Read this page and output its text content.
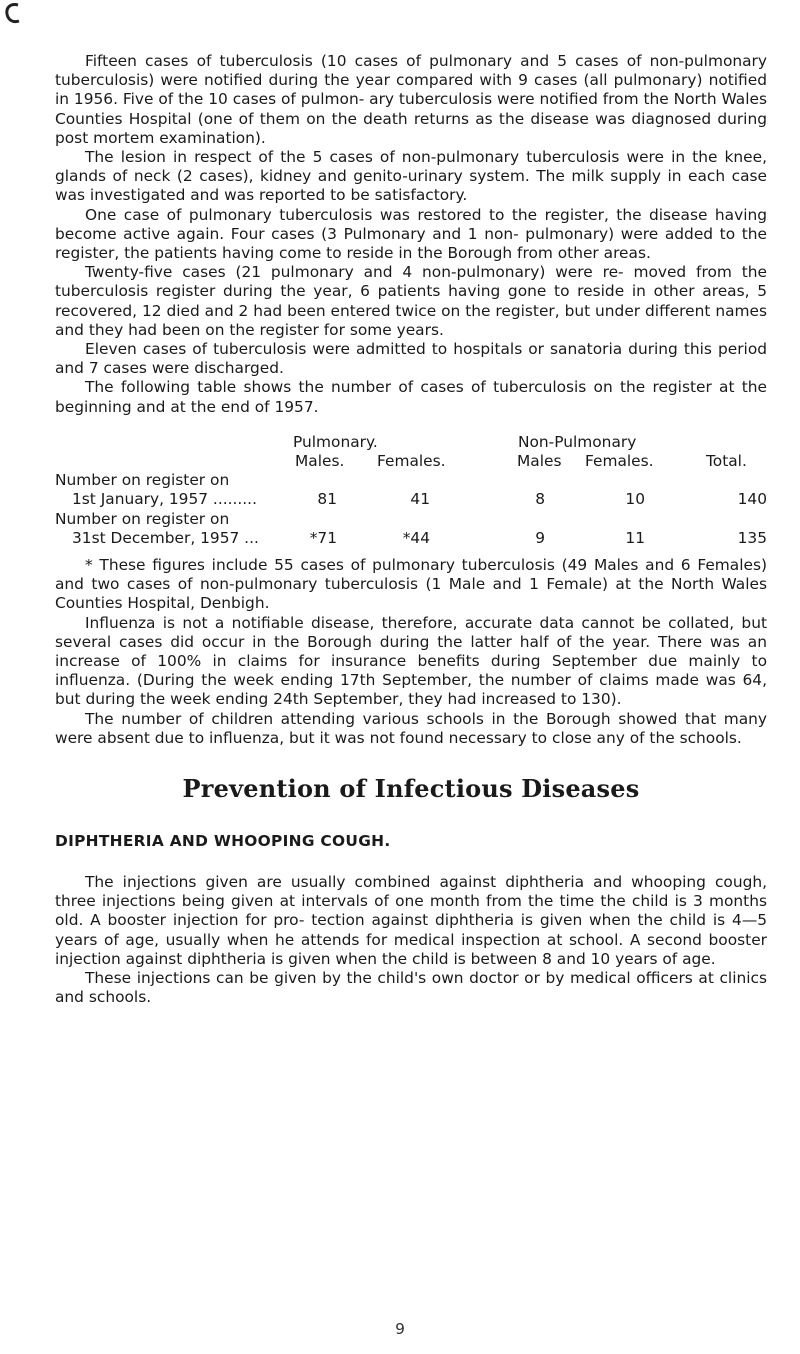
Fifteen cases of tuberculosis (10 cases of pulmonary and 5 cases of non-pulmonary tuberculosis) were notified during the year compared with 9 cases (all pulmonary) notified in 1956. Five of the 10 cases of pulmon- ary tuberculosis were notified from the North Wales Counties Hospital (one of them on the death returns as the disease was diagnosed during post mortem examination).

The lesion in respect of the 5 cases of non-pulmonary tuberculosis were in the knee, glands of neck (2 cases), kidney and genito-urinary system. The milk supply in each case was investigated and was reported to be satisfactory.

One case of pulmonary tuberculosis was restored to the register, the disease having become active again. Four cases (3 Pulmonary and 1 non- pulmonary) were added to the register, the patients having come to reside in the Borough from other areas.

Twenty-five cases (21 pulmonary and 4 non-pulmonary) were re- moved from the tuberculosis register during the year, 6 patients having gone to reside in other areas, 5 recovered, 12 died and 2 had been entered twice on the register, but under different names and they had been on the register for some years.

Eleven cases of tuberculosis were admitted to hospitals or sanatoria during this period and 7 cases were discharged.

The following table shows the number of cases of tuberculosis on the register at the beginning and at the end of 1957.

Pulmonary.	Non-Pulmonary
Males. Females.	Males Females.	Total.
Number on register on
1st January, 1957 .........	81	41	8	10	140
Number on register on
31st December, 1957 ...	*71	*44	9	11	135

* These figures include 55 cases of pulmonary tuberculosis (49 Males and 6 Females) and two cases of non-pulmonary tuberculosis (1 Male and 1 Female) at the North Wales Counties Hospital, Denbigh.

Influenza is not a notifiable disease, therefore, accurate data cannot be collated, but several cases did occur in the Borough during the latter half of the year. There was an increase of 100% in claims for insurance benefits during September due mainly to influenza. (During the week ending 17th September, the number of claims made was 64, but during the week ending 24th September, they had increased to 130).

The number of children attending various schools in the Borough showed that many were absent due to influenza, but it was not found necessary to close any of the schools.

Prevention of Infectious Diseases
DIPHTHERIA AND WHOOPING COUGH.

The injections given are usually combined against diphtheria and whooping cough, three injections being given at intervals of one month from the time the child is 3 months old. A booster injection for pro- tection against diphtheria is given when the child is 4—5 years of age, usually when he attends for medical inspection at school. A second booster injection against diphtheria is given when the child is between 8 and 10 years of age.

These injections can be given by the child's own doctor or by medical officers at clinics and schools.

9
